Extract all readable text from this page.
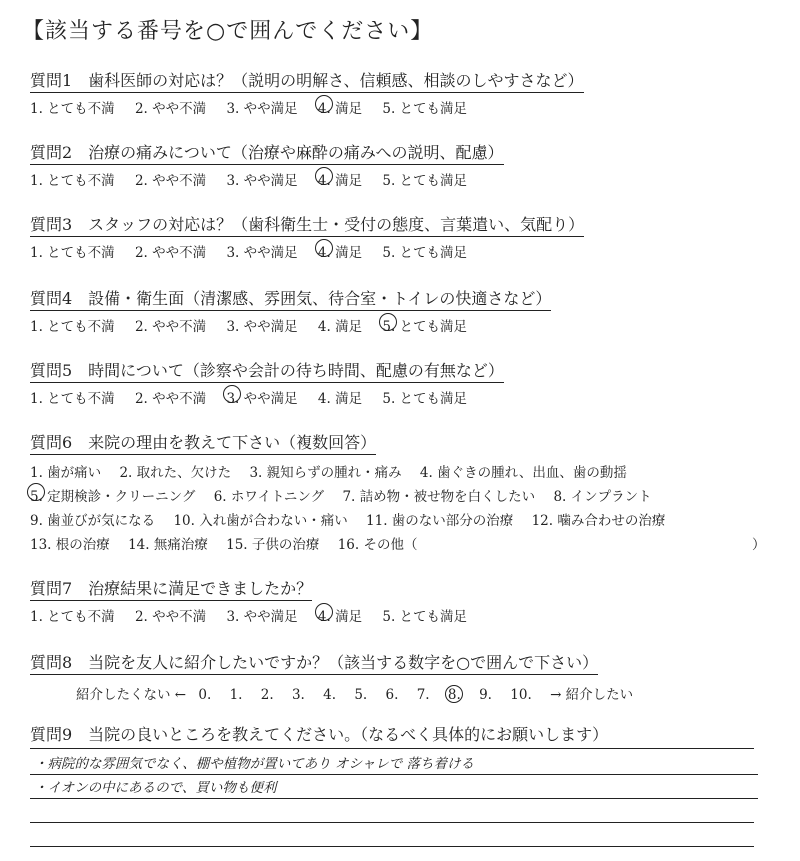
【該当する番号を○で囲んでください】
質問1　歯科医師の対応は？（説明の明解さ、信頼感、相談のしやすさなど）
1. とても不満 2. やや不満 3. やや満足 4. 満足 5. とても満足
質問2　治療の痛みについて（治療や麻酔の痛みへの説明、配慮）
1. とても不満 2. やや不満 3. やや満足 4. 満足 5. とても満足
質問3　スタッフの対応は？（歯科衛生士・受付の態度、言葉遣い、気配り）
1. とても不満 2. やや不満 3. やや満足 4. 満足 5. とても満足
質問4　設備・衛生面（清潔感、雰囲気、待合室・トイレの快適さなど）
1. とても不満 2. やや不満 3. やや満足 4. 満足 5. とても満足
質問5　時間について（診察や会計の待ち時間、配慮の有無など）
1. とても不満 2. やや不満 3. やや満足 4. 満足 5. とても満足
質問6　来院の理由を教えて下さい（複数回答）
1. 歯が痛い 2. 取れた、欠けた 3. 親知らずの腫れ・痛み 4. 歯ぐきの腫れ、出血、歯の動揺
5. 定期検診・クリーニング 6. ホワイトニング 7. 詰め物・被せ物を白くしたい 8. インプラント
9. 歯並びが気になる 10. 入れ歯が合わない・痛い 11. 歯のない部分の治療 12. 噛み合わせの治療
13. 根の治療 14. 無痛治療 15. 子供の治療 16. その他（	）
質問7　治療結果に満足できましたか？
1. とても不満 2. やや不満 3. やや満足 4. 満足 5. とても満足
質問8　当院を友人に紹介したいですか？（該当する数字を○で囲んで下さい）
紹介したくない ← 0. 1. 2. 3. 4. 5. 6. 7. 8. 9. 10. → 紹介したい
質問9　当院の良いところを教えてください。（なるべく具体的にお願いします）
・病院的な雰囲気でなく、棚や植物が置いてあり オシャレで 落ち着ける
・イオンの中にあるので、買い物も便利
